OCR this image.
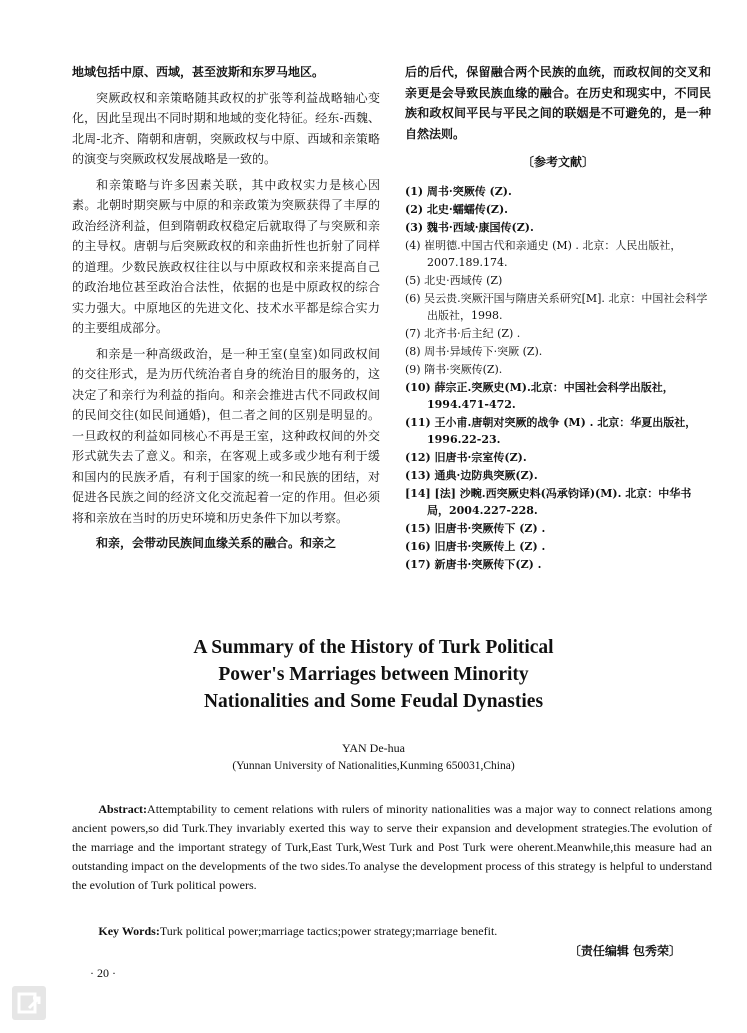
地域包括中原、西域，甚至波斯和东罗马地区。

突厥政权和亲策略随其政权的扩张等利益战略轴心变化，因此呈现出不同时期和地域的变化特征。经东-西魏、北周-北齐、隋朝和唐朝，突厥政权与中原、西域和亲策略的演变与突厥政权发展战略是一致的。

和亲策略与许多因素关联，其中政权实力是核心因素。北朝时期突厥与中原的和亲政策为突厥获得了丰厚的政治经济利益，但到隋朝政权稳定后就取得了与突厥和亲的主导权。唐朝与后突厥政权的和亲曲折性也折射了同样的道理。少数民族政权往往以与中原政权和亲来提高自己的政治地位甚至政治合法性，依据的也是中原政权的综合实力强大。中原地区的先进文化、技术水平都是综合实力的主要组成部分。

和亲是一种高级政治，是一种王室(皇室)如同政权间的交往形式，是为历代统治者自身的统治目的服务的，这决定了和亲行为利益的指向。和亲会推进古代不同政权间的民间交往(如民间通婚)，但二者之间的区别是明显的。一旦政权的利益如同核心不再是王室，这种政权间的外交形式就失去了意义。和亲，在客观上或多或少地有利于缓和国内的民族矛盾，有利于国家的统一和民族的团结，对促进各民族之间的经济文化交流起着一定的作用。但必须将和亲放在当时的历史环境和历史条件下加以考察。

和亲，会带动民族间血缘关系的融合。和亲之

后的后代，保留融合两个民族的血统，而政权间的交叉和亲更是会导致民族血缘的融合。在历史和现实中，不同民族和政权间平民与平民之间的联姻是不可避免的，是一种自然法则。

〔参考文献〕
(1) 周书·突厥传 (Z).
(2) 北史·蠕蠕传(Z).
(3) 魏书·西域·康国传(Z).
(4) 崔明德.中国古代和亲通史 (M) . 北京：人民出版社，2007.189.174.
(5) 北史·西域传 (Z)
(6) 吴云贵.突厥汗国与隋唐关系研究[M]. 北京：中国社会科学出版社，1998.
(7) 北齐书·后主纪 (Z) .
(8) 周书·异域传下·突厥 (Z).
(9) 隋书·突厥传(Z).
(10) 薛宗正.突厥史(M).北京：中国社会科学出版社，1994.471-472.
(11) 王小甫.唐朝对突厥的战争 (M) . 北京：华夏出版社，1996.22-23.
(12) 旧唐书·宗室传(Z).
(13) 通典·边防典突厥(Z).
[14] [法] 沙畹.西突厥史料(冯承钧译)(M). 北京：中华书局，2004.227-228.
(15) 旧唐书·突厥传下 (Z) .
(16) 旧唐书·突厥传上 (Z) .
(17) 新唐书·突厥传下(Z) .
A Summary of the History of Turk Political
Power's Marriages between Minority
Nationalities and Some Feudal Dynasties
YAN De-hua
(Yunnan University of Nationalities,Kunming 650031,China)
Abstract:Attemptability to cement relations with rulers of minority nationalities was a major way to connect relations among ancient powers,so did Turk.They invariably exerted this way to serve their expansion and development strategies.The evolution of the marriage and the important strategy of Turk,East Turk,West Turk and Post Turk were oherent.Meanwhile,this measure had an outstanding impact on the developments of the two sides.To analyse the development process of this strategy is helpful to understand the evolution of Turk political powers.
Key Words:Turk political power;marriage tactics;power strategy;marriage benefit.
〔责任编辑 包秀荣〕
· 20 ·
